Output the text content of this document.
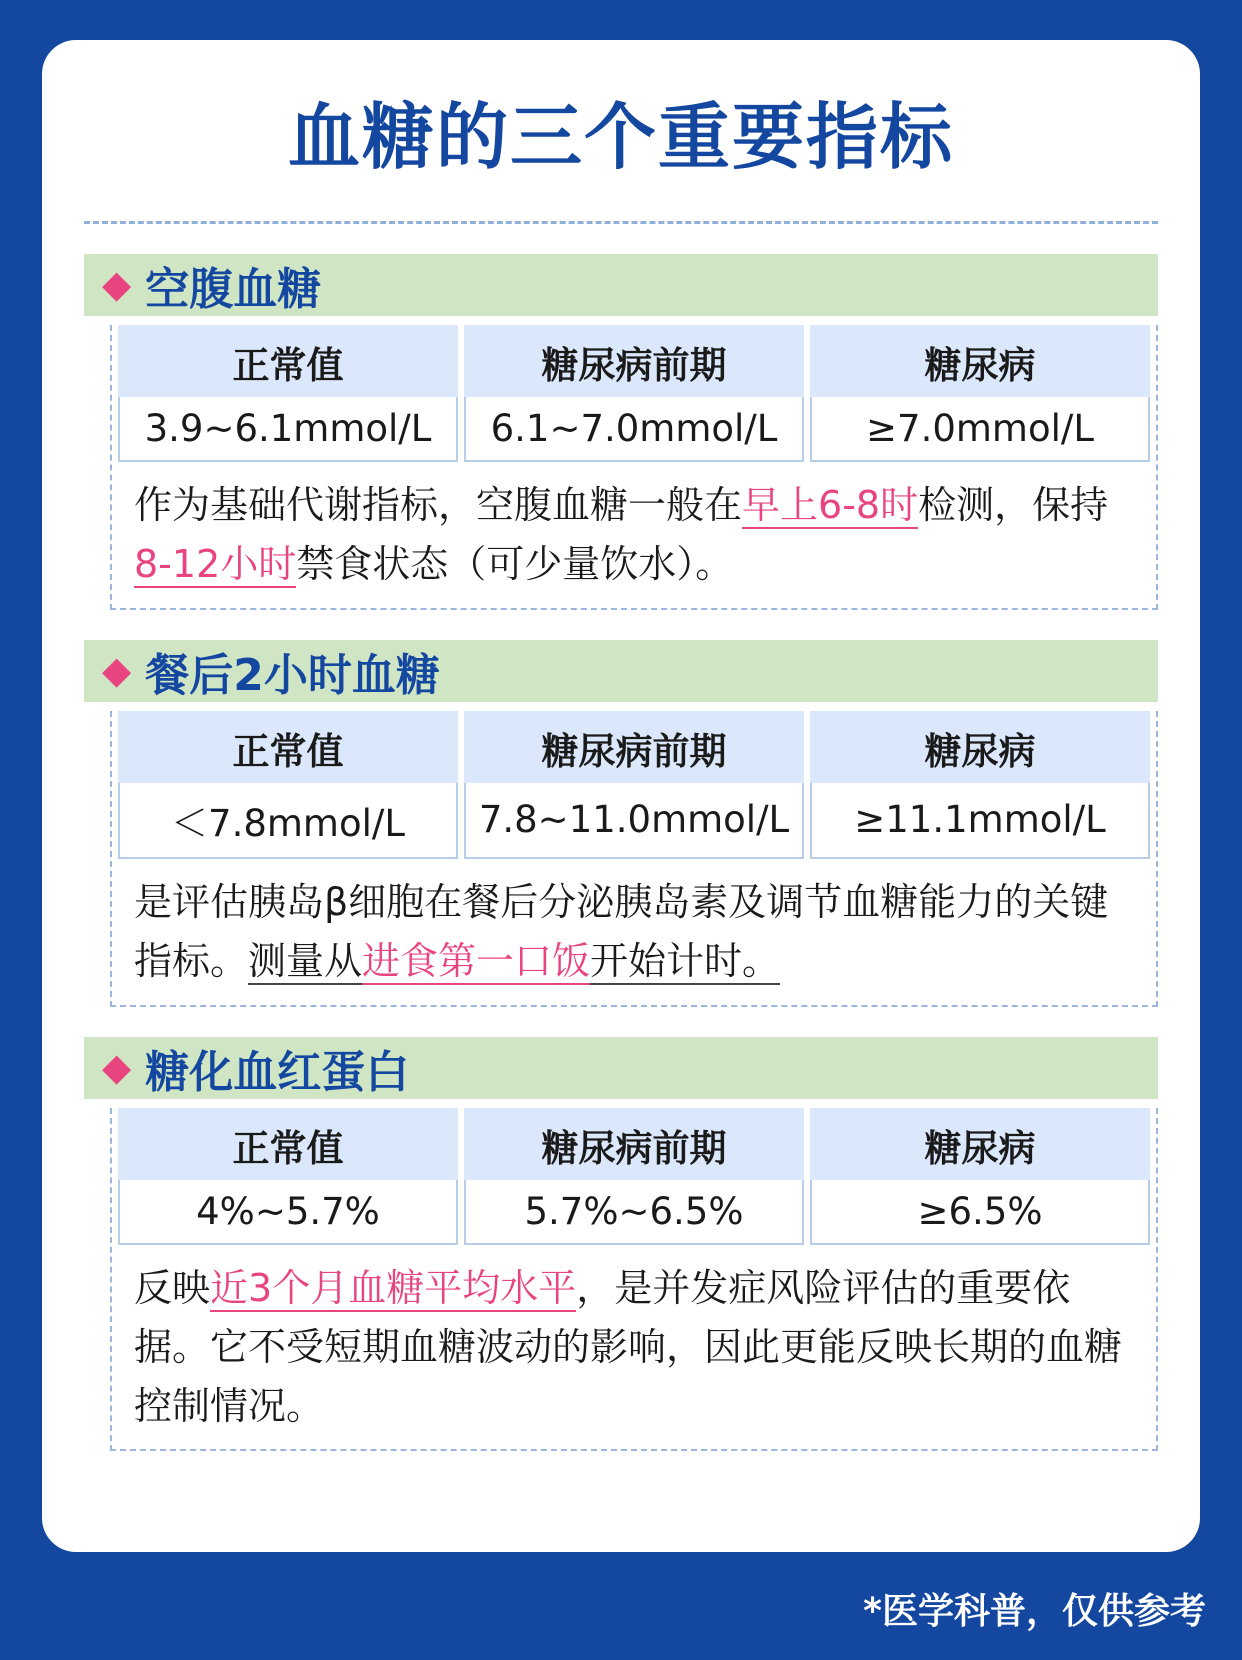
血糖的三个重要指标
◆ 空腹血糖
正常值	糖尿病前期	糖尿病
3.9~6.1mmol/L	6.1~7.0mmol/L	≥7.0mmol/L
作为基础代谢指标，空腹血糖一般在早上6-8时检测，保持8-12小时禁食状态（可少量饮水）。
◆ 餐后2小时血糖
正常值	糖尿病前期	糖尿病
＜7.8mmol/L	7.8~11.0mmol/L	≥11.1mmol/L
是评估胰岛β细胞在餐后分泌胰岛素及调节血糖能力的关键指标。测量从进食第一口饭开始计时。
◆ 糖化血红蛋白
正常值	糖尿病前期	糖尿病
4%~5.7%	5.7%~6.5%	≥6.5%
反映近3个月血糖平均水平，是并发症风险评估的重要依据。它不受短期血糖波动的影响，因此更能反映长期的血糖控制情况。
*医学科普，仅供参考
